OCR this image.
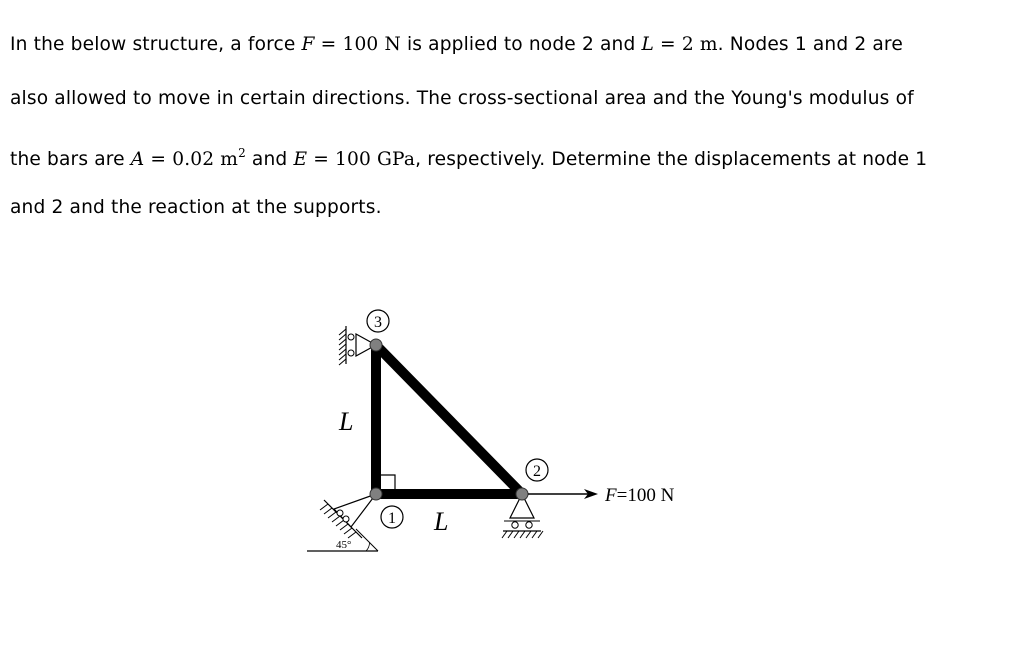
In the below structure, a force F = 100 N is applied to node 2 and L = 2 m. Nodes 1 and 2 are
also allowed to move in certain directions. The cross-sectional area and the Young's modulus of
the bars are A = 0.02 $m^2$ and E = 100 GPa, respectively. Determine the displacements at node 1
and 2 and the reaction at the supports.
45°
3
1
2
L
L
F=100 N
